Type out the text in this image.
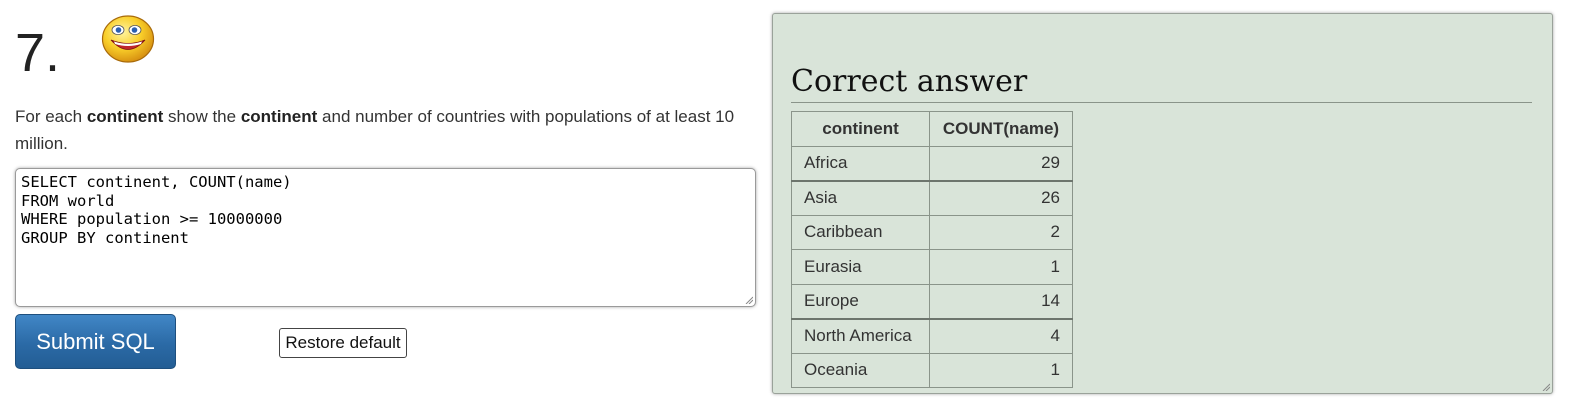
7.
For each continent show the continent and number of countries with populations of at least 10 million.
SELECT continent, COUNT(name)
FROM world
WHERE population >= 10000000
GROUP BY continent
Submit SQL	Restore default
Correct answer
continent	COUNT(name)
Africa	29
Asia	26
Caribbean	2
Eurasia	1
Europe	14
North America	4
Oceania	1
